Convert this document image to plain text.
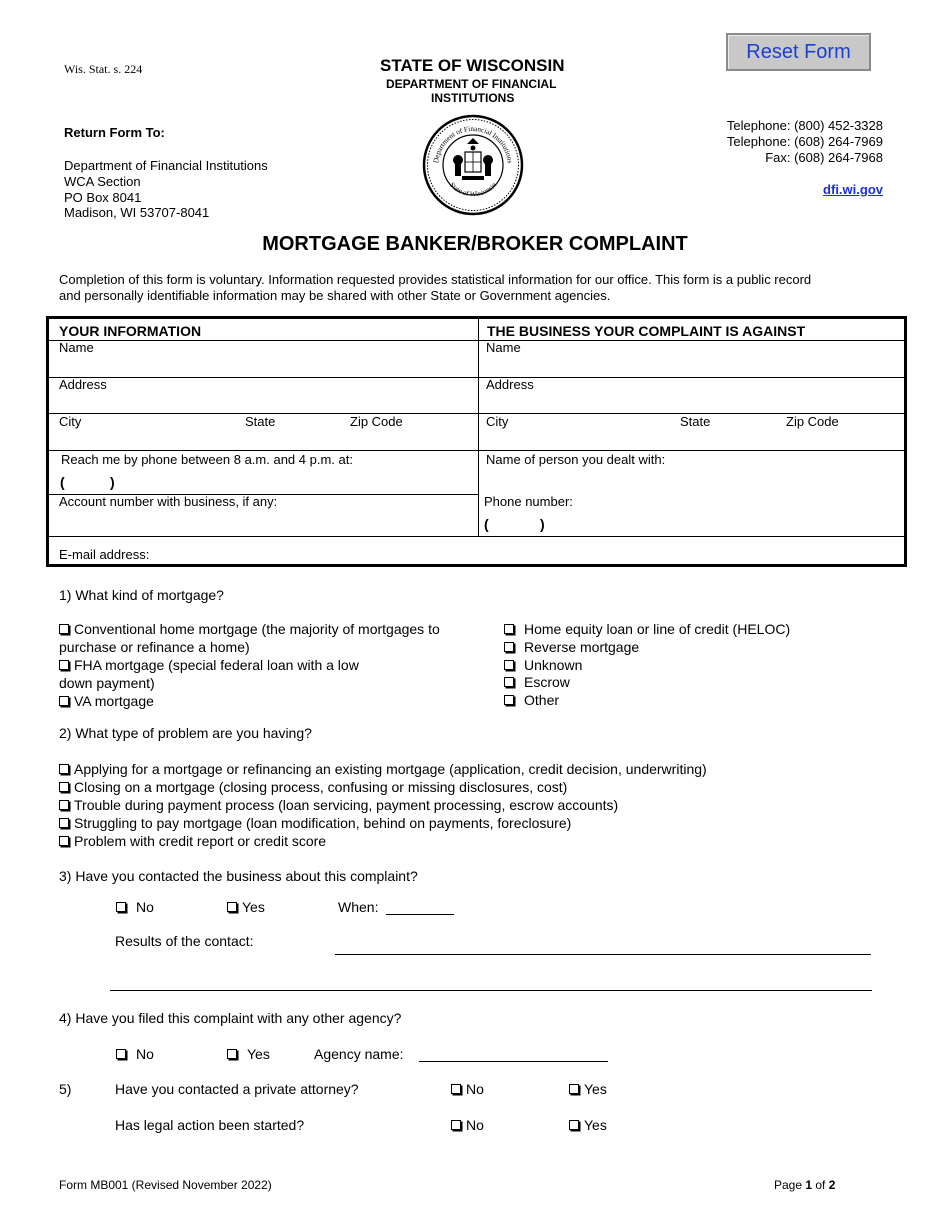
Wis. Stat. s. 224	STATE OF WISCONSIN
DEPARTMENT OF FINANCIAL
INSTITUTIONS
Reset Form
Return Form To:
Department of Financial Institutions
WCA Section
PO Box 8041
Madison, WI 53707-8041
Department of Financial Institutions
State of Wisconsin
Telephone: (800) 452-3328
Telephone: (608) 264-7969
Fax: (608) 264-7968
dfi.wi.gov
MORTGAGE BANKER/BROKER COMPLAINT
Completion of this form is voluntary. Information requested provides statistical information for our office. This form is a public record
and personally identifiable information may be shared with other State or Government agencies.
YOUR INFORMATION	THE BUSINESS YOUR COMPLAINT IS AGAINST
Name	Name
Address	Address
City	State	Zip Code	City	State	Zip Code
Reach me by phone between 8 a.m. and 4 p.m. at:
(	)
Name of person you dealt with:
Account number with business, if any:	Phone number:
(	)
E-mail address:
1) What kind of mortgage?
Conventional home mortgage (the majority of mortgages to
purchase or refinance a home)
FHA mortgage (special federal loan with a low
down payment)
VA mortgage
Home equity loan or line of credit (HELOC)
Reverse mortgage
Unknown
Escrow
Other
2) What type of problem are you having?
Applying for a mortgage or refinancing an existing mortgage (application, credit decision, underwriting)
Closing on a mortgage (closing process, confusing or missing disclosures, cost)
Trouble during payment process (loan servicing, payment processing, escrow accounts)
Struggling to pay mortgage (loan modification, behind on payments, foreclosure)
Problem with credit report or credit score
3) Have you contacted the business about this complaint?
No	Yes	When:
Results of the contact:
4) Have you filed this complaint with any other agency?
No	Yes	Agency name:
5)	Have you contacted a private attorney?	No	Yes
Has legal action been started?	No	Yes
Form MB001 (Revised November 2022)	Page 1 of 2
